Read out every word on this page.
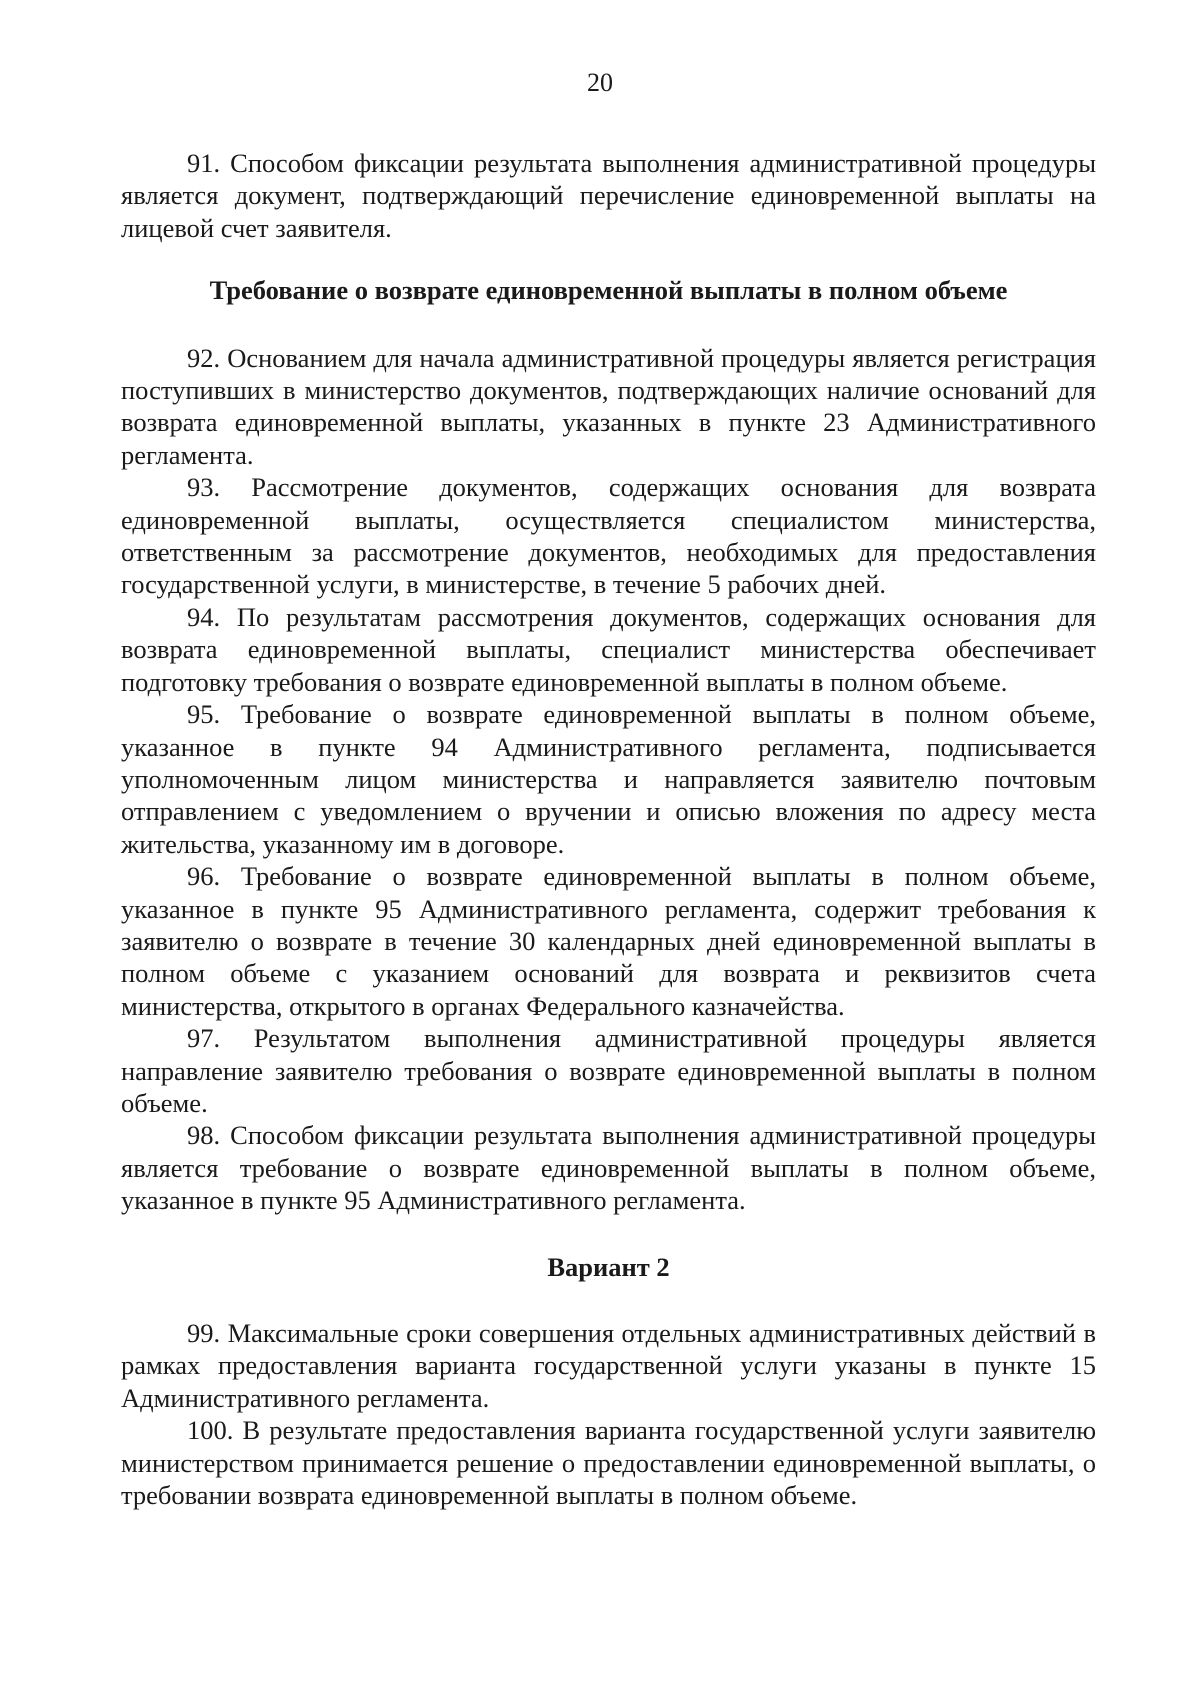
20

91. Способом фиксации результата выполнения административной процедуры является документ, подтверждающий перечисление единовременной выплаты на лицевой счет заявителя.

Требование о возврате единовременной выплаты в полном объеме

92. Основанием для начала административной процедуры является регистрация поступивших в министерство документов, подтверждающих наличие оснований для возврата единовременной выплаты, указанных в пункте 23 Административного регламента.

93. Рассмотрение документов, содержащих основания для возврата единовременной выплаты, осуществляется специалистом министерства, ответственным за рассмотрение документов, необходимых для предоставления государственной услуги, в министерстве, в течение 5 рабочих дней.

94. По результатам рассмотрения документов, содержащих основания для возврата единовременной выплаты, специалист министерства обеспечивает подготовку требования о возврате единовременной выплаты в полном объеме.

95. Требование о возврате единовременной выплаты в полном объеме, указанное в пункте 94 Административного регламента, подписывается уполномоченным лицом министерства и направляется заявителю почтовым отправлением с уведомлением о вручении и описью вложения по адресу места жительства, указанному им в договоре.

96. Требование о возврате единовременной выплаты в полном объеме, указанное в пункте 95 Административного регламента, содержит требования к заявителю о возврате в течение 30 календарных дней единовременной выплаты в полном объеме с указанием оснований для возврата и реквизитов счета министерства, открытого в органах Федерального казначейства.

97. Результатом выполнения административной процедуры является направление заявителю требования о возврате единовременной выплаты в полном объеме.

98. Способом фиксации результата выполнения административной процедуры является требование о возврате единовременной выплаты в полном объеме, указанное в пункте 95 Административного регламента.

Вариант 2

99. Максимальные сроки совершения отдельных административных действий в рамках предоставления варианта государственной услуги указаны в пункте 15 Административного регламента.

100. В результате предоставления варианта государственной услуги заявителю министерством принимается решение о предоставлении единовременной выплаты, о требовании возврата единовременной выплаты в полном объеме.
